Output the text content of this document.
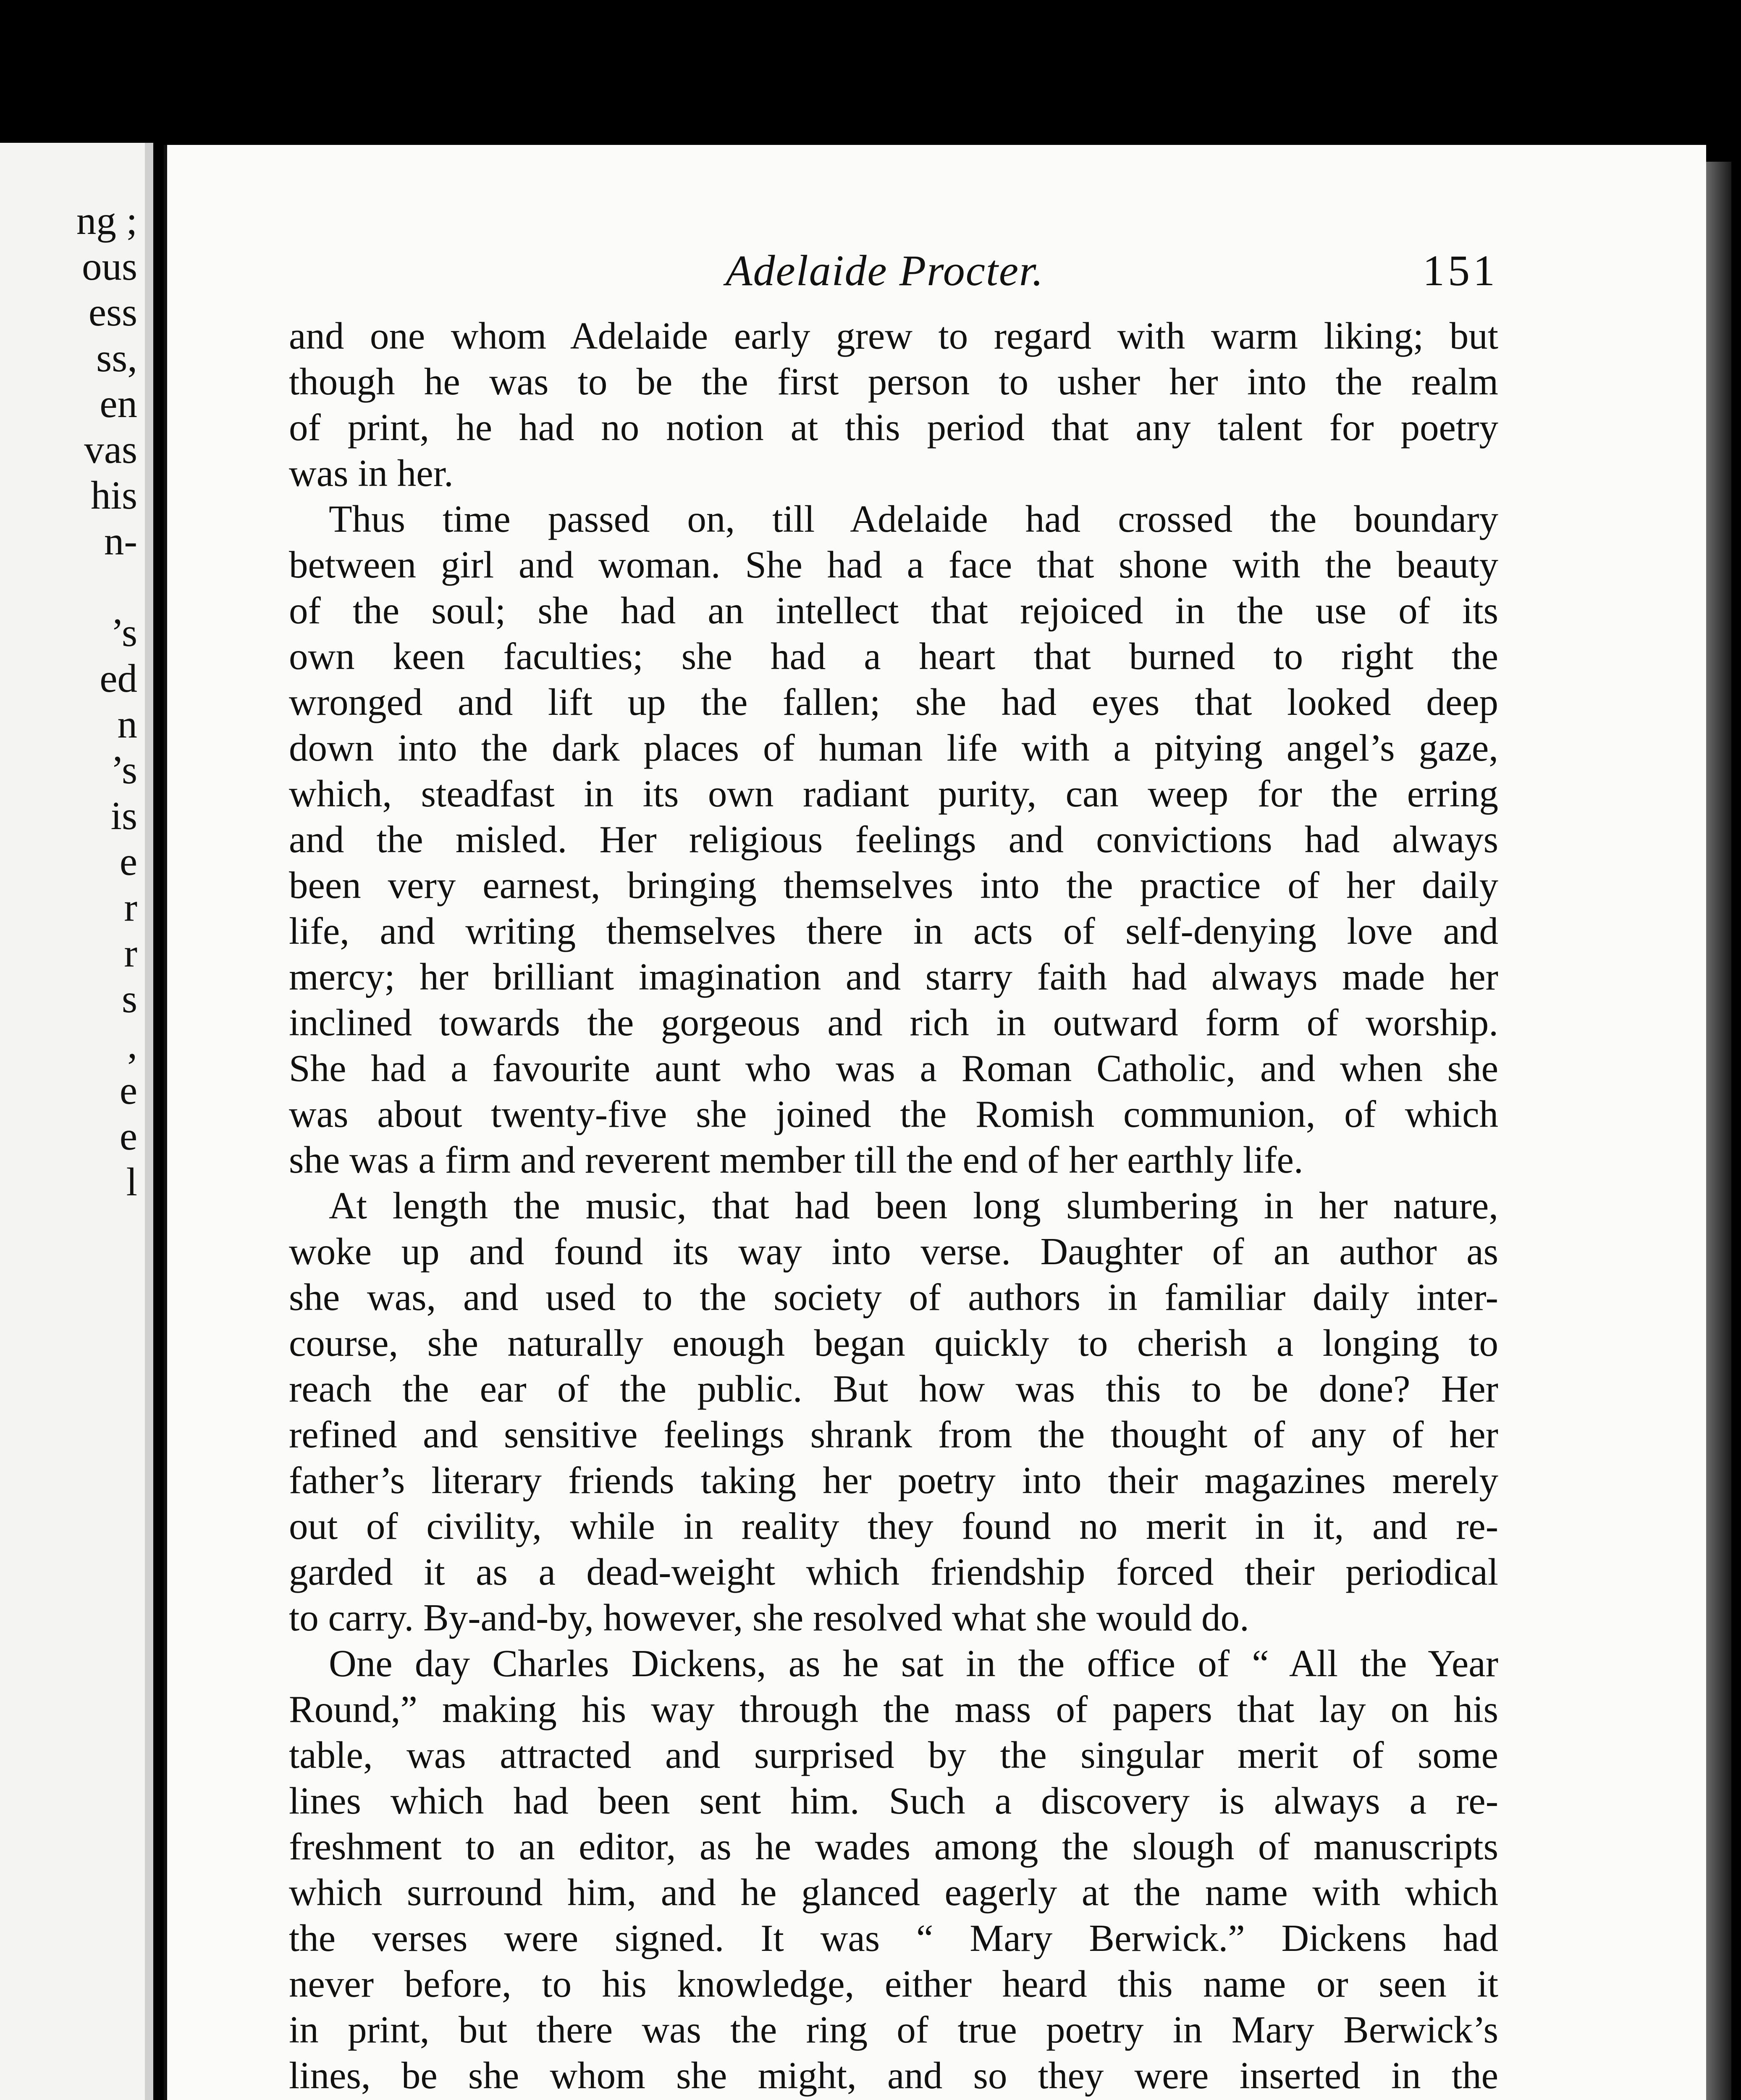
ng ;
ous
ess
ss,
en
vas
his
n-
’s
ed
n
’s
is
e
r
r
s
,
e
e
l
Adelaide Procter.	151
and one whom Adelaide early grew to regard with warm liking; but
though he was to be the first person to usher her into the realm
of print, he had no notion at this period that any talent for poetry
was in her.
Thus time passed on, till Adelaide had crossed the boundary
between girl and woman. She had a face that shone with the beauty
of the soul; she had an intellect that rejoiced in the use of its
own keen faculties; she had a heart that burned to right the
wronged and lift up the fallen; she had eyes that looked deep
down into the dark places of human life with a pitying angel’s gaze,
which, steadfast in its own radiant purity, can weep for the erring
and the misled. Her religious feelings and convictions had always
been very earnest, bringing themselves into the practice of her daily
life, and writing themselves there in acts of self-denying love and
mercy; her brilliant imagination and starry faith had always made her
inclined towards the gorgeous and rich in outward form of worship.
She had a favourite aunt who was a Roman Catholic, and when she
was about twenty-five she joined the Romish communion, of which
she was a firm and reverent member till the end of her earthly life.
At length the music, that had been long slumbering in her nature,
woke up and found its way into verse. Daughter of an author as
she was, and used to the society of authors in familiar daily inter-
course, she naturally enough began quickly to cherish a longing to
reach the ear of the public. But how was this to be done? Her
refined and sensitive feelings shrank from the thought of any of her
father’s literary friends taking her poetry into their magazines merely
out of civility, while in reality they found no merit in it, and re-
garded it as a dead-weight which friendship forced their periodical
to carry. By-and-by, however, she resolved what she would do.
One day Charles Dickens, as he sat in the office of “ All the Year
Round,” making his way through the mass of papers that lay on his
table, was attracted and surprised by the singular merit of some
lines which had been sent him. Such a discovery is always a re-
freshment to an editor, as he wades among the slough of manuscripts
which surround him, and he glanced eagerly at the name with which
the verses were signed. It was “ Mary Berwick.” Dickens had
never before, to his knowledge, either heard this name or seen it
in print, but there was the ring of true poetry in Mary Berwick’s
lines, be she whom she might, and so they were inserted in the
